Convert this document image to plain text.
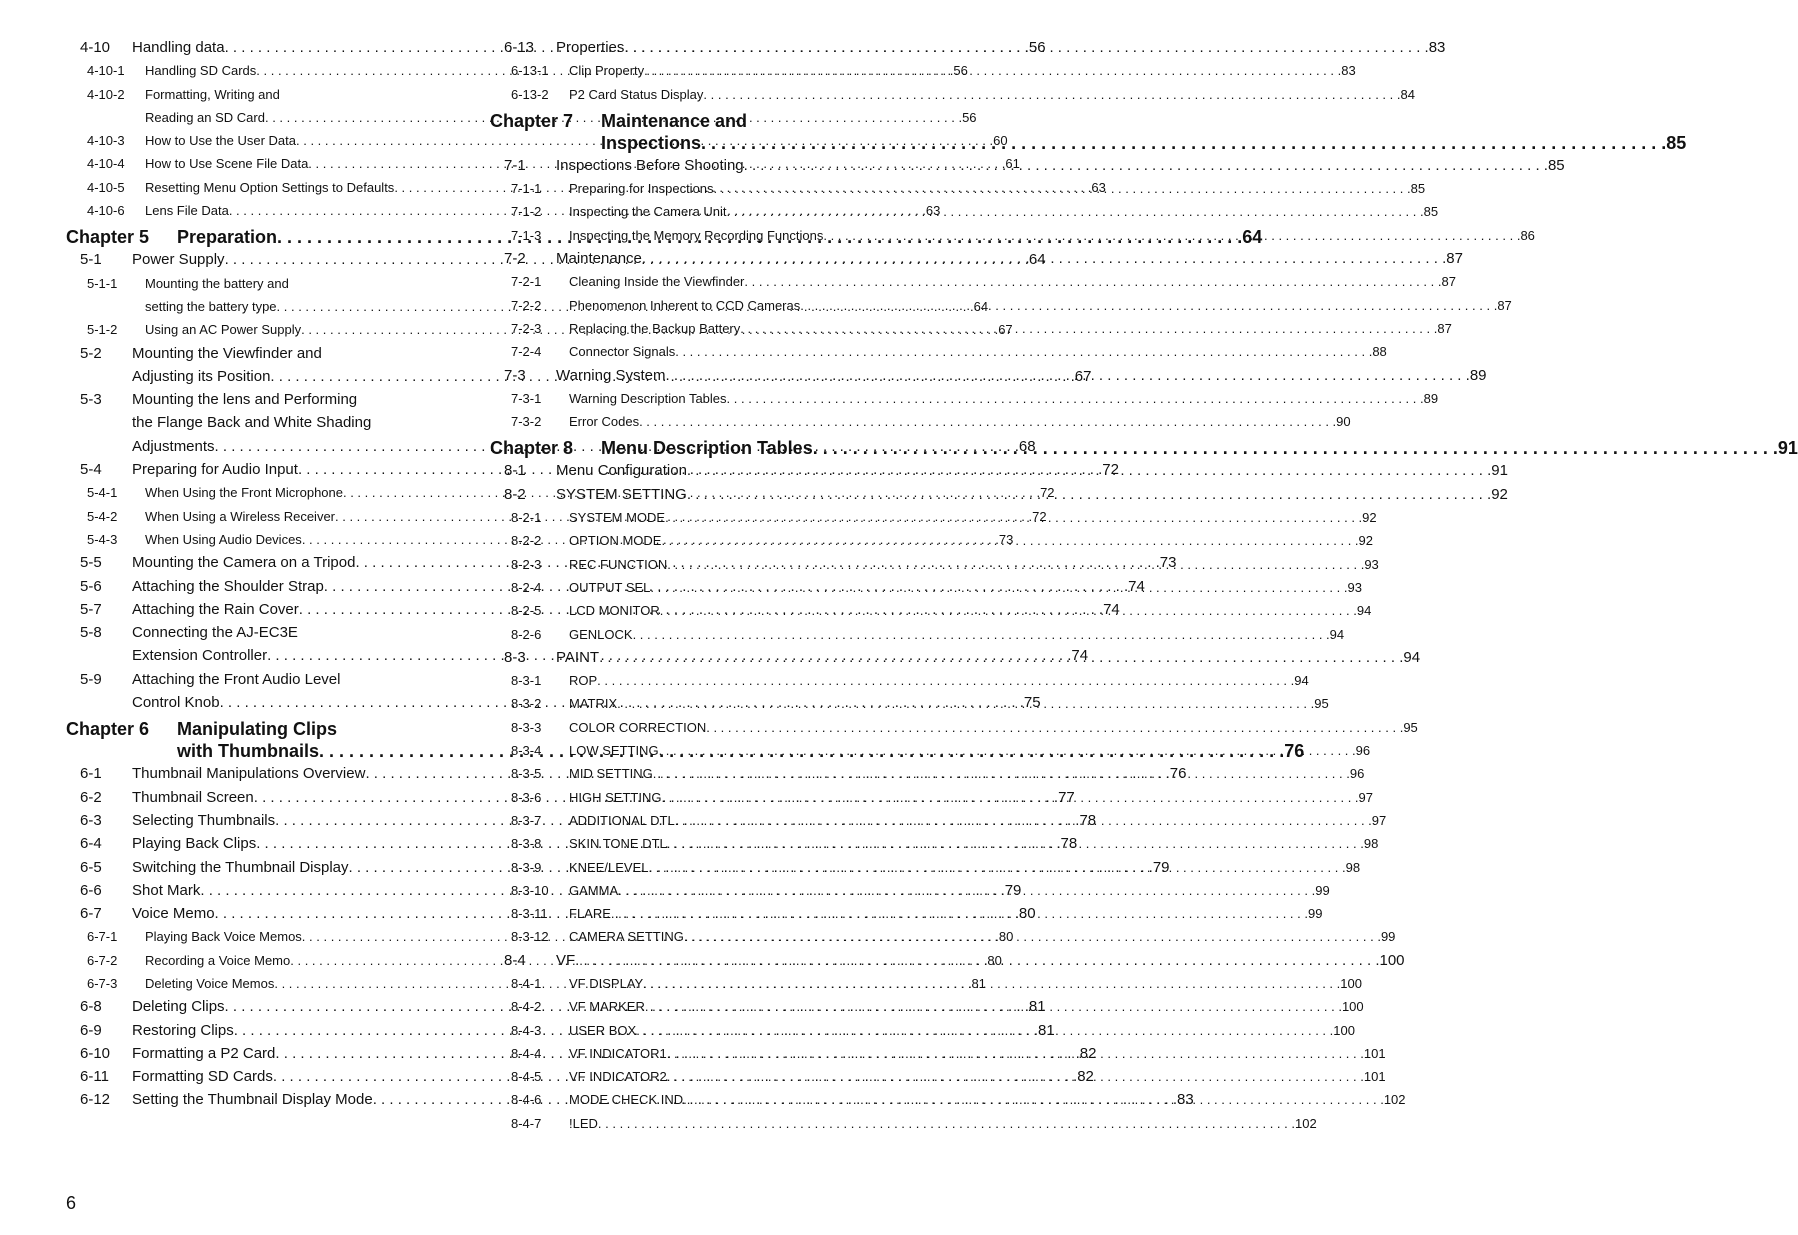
4-10	Handling data . . .	56
4-10-1	Handling SD Cards . . .	56
4-10-2	Formatting, Writing and
Reading an SD Card . . .	56
4-10-3	How to Use the User Data . . .	60
4-10-4	How to Use Scene File Data . . .	61
4-10-5	Resetting Menu Option Settings to Defaults . . .	63
4-10-6	Lens File Data . . .	63
Chapter 5	Preparation . . .	64
5-1	Power Supply . . .	64
5-1-1	Mounting the battery and
setting the battery type . . .	64
5-1-2	Using an AC Power Supply . . .	67
5-2	Mounting the Viewfinder and
Adjusting its Position . . .	67
5-3	Mounting the lens and Performing
the Flange Back and White Shading
Adjustments . . .	68
5-4	Preparing for Audio Input . . .	72
5-4-1	When Using the Front Microphone . . .	72
5-4-2	When Using a Wireless Receiver . . .	72
5-4-3	When Using Audio Devices . . .	73
5-5	Mounting the Camera on a Tripod . . .	73
5-6	Attaching the Shoulder Strap . . .	74
5-7	Attaching the Rain Cover . . .	74
5-8	Connecting the AJ-EC3E
Extension Controller . . .	74
5-9	Attaching the Front Audio Level
Control Knob . . .	75
Chapter 6	Manipulating Clips
with Thumbnails . . .	76
6-1	Thumbnail Manipulations Overview . . .	76
6-2	Thumbnail Screen . . .	77
6-3	Selecting Thumbnails . . .	78
6-4	Playing Back Clips . . .	78
6-5	Switching the Thumbnail Display . . .	79
6-6	Shot Mark . . .	79
6-7	Voice Memo . . .	80
6-7-1	Playing Back Voice Memos . . .	80
6-7-2	Recording a Voice Memo . . .	80
6-7-3	Deleting Voice Memos . . .	81
6-8	Deleting Clips . . .	81
6-9	Restoring Clips . . .	81
6-10	Formatting a P2 Card . . .	82
6-11	Formatting SD Cards . . .	82
6-12	Setting the Thumbnail Display Mode . . .	83
6-13	Properties . . .	83
6-13-1	Clip Property . . .	83
6-13-2	P2 Card Status Display . . .	84
Chapter 7	Maintenance and
Inspections . . .	85
7-1	Inspections Before Shooting . . .	85
7-1-1	Preparing for Inspections . . .	85
7-1-2	Inspecting the Camera Unit . . .	85
7-1-3	Inspecting the Memory Recording Functions . . .	86
7-2	Maintenance . . .	87
7-2-1	Cleaning Inside the Viewfinder . . .	87
7-2-2	Phenomenon Inherent to CCD Cameras . . .	87
7-2-3	Replacing the Backup Battery . . .	87
7-2-4	Connector Signals . . .	88
7-3	Warning System . . .	89
7-3-1	Warning Description Tables . . .	89
7-3-2	Error Codes . . .	90
Chapter 8	Menu Description Tables . . .	91
8-1	Menu Configuration . . .	91
8-2	SYSTEM SETTING . . .	92
8-2-1	SYSTEM MODE . . .	92
8-2-2	OPTION MODE . . .	92
8-2-3	REC FUNCTION . . .	93
8-2-4	OUTPUT SEL . . .	93
8-2-5	LCD MONITOR . . .	94
8-2-6	GENLOCK . . .	94
8-3	PAINT . . .	94
8-3-1	ROP . . .	94
8-3-2	MATRIX . . .	95
8-3-3	COLOR CORRECTION . . .	95
8-3-4	LOW SETTING . . .	96
8-3-5	MID SETTING . . .	96
8-3-6	HIGH SETTING . . .	97
8-3-7	ADDITIONAL DTL . . .	97
8-3-8	SKIN TONE DTL . . .	98
8-3-9	KNEE/LEVEL . . .	98
8-3-10	GAMMA . . .	99
8-3-11	FLARE . . .	99
8-3-12	CAMERA SETTING . . .	99
8-4	VF . . .	100
8-4-1	VF DISPLAY . . .	100
8-4-2	VF MARKER . . .	100
8-4-3	USER BOX . . .	100
8-4-4	VF INDICATOR1 . . .	101
8-4-5	VF INDICATOR2 . . .	101
8-4-6	MODE CHECK IND. . . .	102
8-4-7	!LED . . .	102
6
